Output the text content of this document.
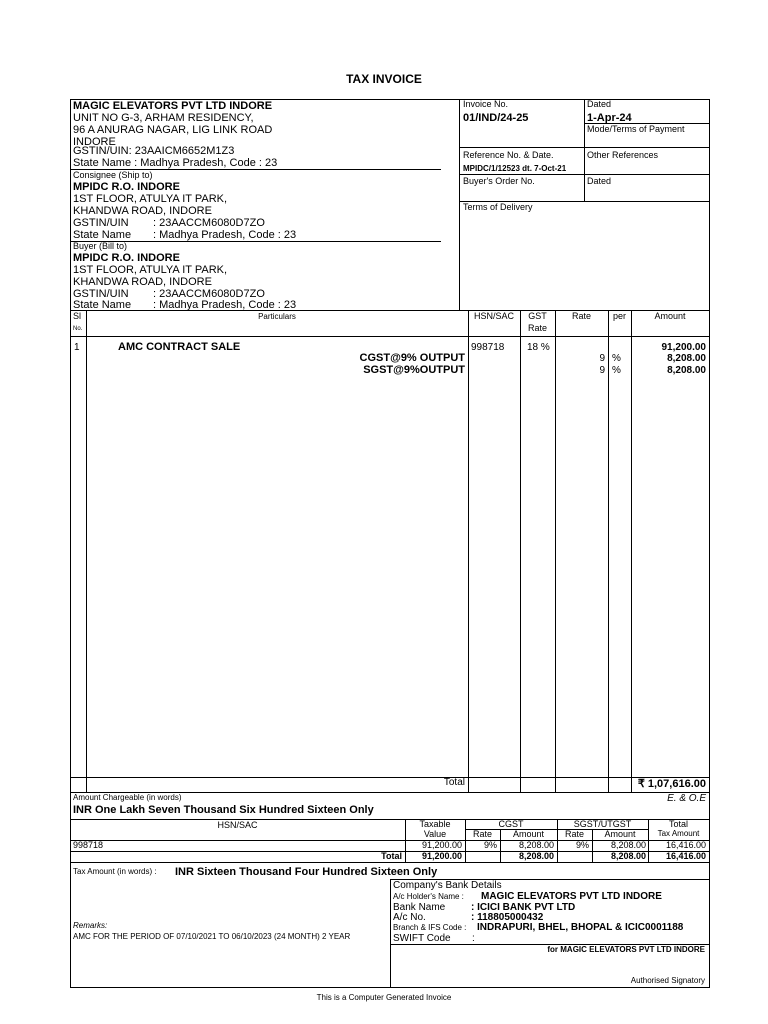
TAX INVOICE
MAGIC ELEVATORS PVT LTD INDORE
UNIT NO G-3, ARHAM RESIDENCY,
96 A ANURAG NAGAR, LIG LINK ROAD
INDORE
GSTIN/UIN: 23AAICM6652M1Z3
State Name : Madhya Pradesh, Code : 23
Consignee (Ship to)
MPIDC R.O. INDORE
1ST FLOOR, ATULYA IT PARK,
KHANDWA ROAD, INDORE
GSTIN/UIN : 23AACCM6080D7ZO
State Name : Madhya Pradesh, Code : 23
Buyer (Bill to)
MPIDC R.O. INDORE
1ST FLOOR, ATULYA IT PARK,
KHANDWA ROAD, INDORE
GSTIN/UIN : 23AACCM6080D7ZO
State Name : Madhya Pradesh, Code : 23
Invoice No.
01/IND/24-25
Dated
1-Apr-24
Mode/Terms of Payment
Reference No. & Date.
MPIDC/1/12523 dt. 7-Oct-21
Other References
Buyer's Order No.	Dated
Terms of Delivery
Sl
No.
Particulars	HSN/SAC	GST
Rate
Rate	per	Amount
1	AMC CONTRACT SALE	998718 18 %	91,200.00
CGST@9% OUTPUT	9 %	8,208.00
SGST@9%OUTPUT	9 %	8,208.00
Total	₹ 1,07,616.00
Amount Chargeable (in words)	E. & O.E
INR One Lakh Seven Thousand Six Hundred Sixteen Only
HSN/SAC	Taxable
Value
CGST	SGST/UTGST	Total
Tax Amount
Rate	Amount	Rate	Amount
998718	91,200.00	9%	8,208.00	9%	8,208.00	16,416.00
Total	91,200.00	8,208.00	8,208.00	16,416.00
Tax Amount (in words) : INR Sixteen Thousand Four Hundred Sixteen Only
Company's Bank Details
A/c Holder's Name : MAGIC ELEVATORS PVT LTD INDORE
Bank Name	: ICICI BANK PVT LTD
A/c No.	: 118805000432
Branch & IFS Code : INDRAPURI, BHEL, BHOPAL & ICIC0001188
SWIFT Code :
Remarks:
AMC FOR THE PERIOD OF 07/10/2021 TO 06/10/2023 (24 MONTH) 2 YEAR
for MAGIC ELEVATORS PVT LTD INDORE
Authorised Signatory
This is a Computer Generated Invoice
